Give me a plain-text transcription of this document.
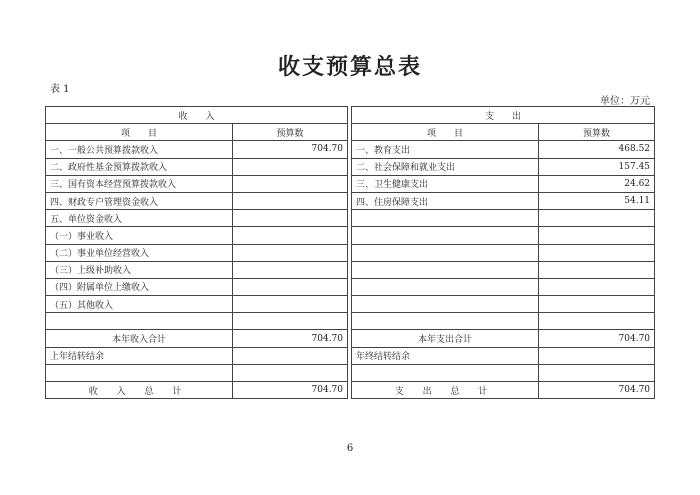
收支预算总表
表 1
单位：万元
收　　入			支　　出	
项　　目	预算数		项　　目	预算数
一、一般公共预算拨款收入	704.70		一、教育支出	468.52
二、政府性基金预算拨款收入			二、社会保障和就业支出	157.45
三、国有资本经营预算拨款收入			三、卫生健康支出	24.62
四、财政专户管理资金收入			四、住房保障支出	54.11
五、单位资金收入				
（一）事业收入				
（二）事业单位经营收入				
（三）上级补助收入				
（四）附属单位上缴收入				
（五）其他收入				

本年收入合计	704.70		本年支出合计	704.70
上年结转结余			年终结转结余	

收 入 总 计	704.70		支 出 总 计	704.70
6
